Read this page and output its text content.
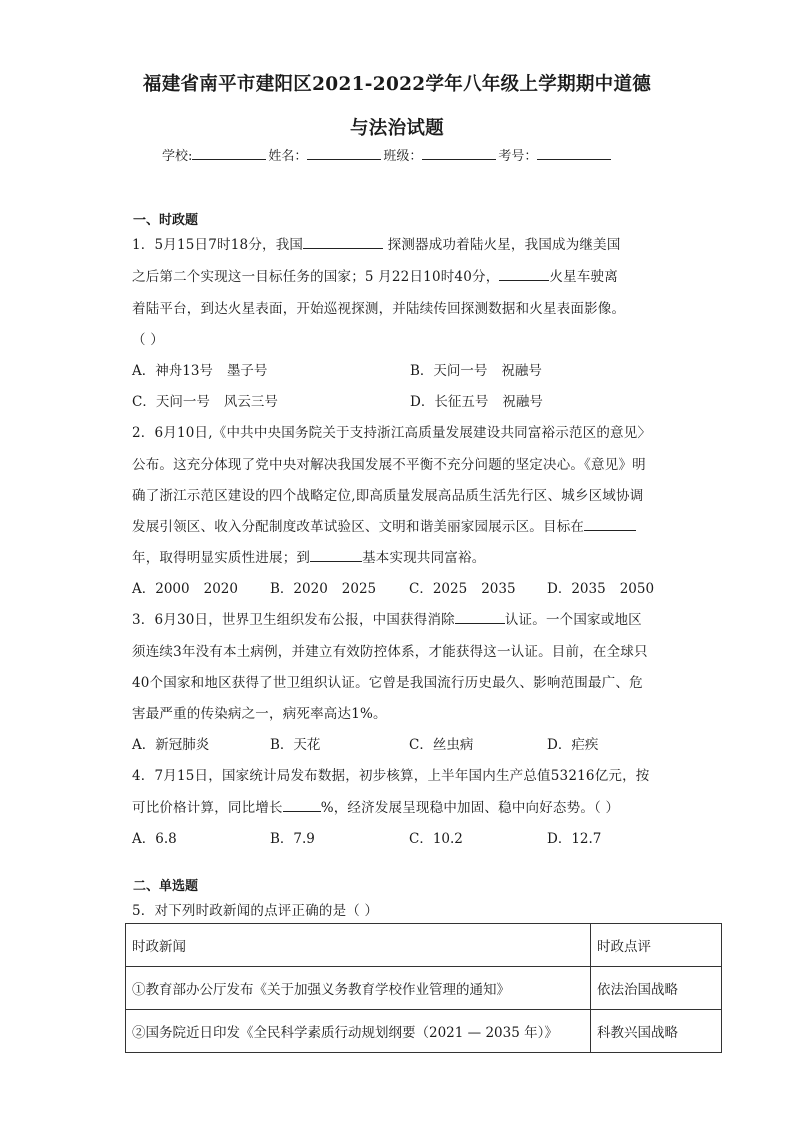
福建省南平市建阳区2021-2022学年八年级上学期期中道德
与法治试题
学校:	姓名：	班级：	考号：
一、时政题
1．5月15日7时18分，我国	探测器成功着陆火星，我国成为继美国
之后第二个实现这一目标任务的国家；5 月22日10时40分，	火星车驶离
着陆平台，到达火星表面，开始巡视探测，并陆续传回探测数据和火星表面影像。
（ ）
A．神舟13号 墨子号	B．天问一号 祝融号
C．天问一号 风云三号	D．长征五号 祝融号
2．6月10日,《中共中央国务院关于支持浙江高质量发展建设共同富裕示范区的意见〉
公布。这充分体现了党中央对解决我国发展不平衡不充分问题的坚定决心。《意见》明
确了浙江示范区建设的四个战略定位,即高质量发展高品质生活先行区、城乡区域协调
发展引领区、收入分配制度改革试验区、文明和谐美丽家园展示区。目标在
年，取得明显实质性进展；到	基本实现共同富裕。
A．2000 2020 B．2020 2025 C．2025 2035 D．2035 2050
3．6月30日，世界卫生组织发布公报，中国获得消除	认证。一个国家或地区
须连续3年没有本土病例，并建立有效防控体系，才能获得这一认证。目前，在全球只
40个国家和地区获得了世卫组织认证。它曾是我国流行历史最久、影响范围最广、危
害最严重的传染病之一，病死率高达1%。
A．新冠肺炎	B．天花	C．丝虫病	D．疟疾
4．7月15日，国家统计局发布数据，初步核算，上半年国内生产总值53216亿元，按
可比价格计算，同比增长	%，经济发展呈现稳中加固、稳中向好态势。（ ）
A．6.8	B．7.9	C．10.2	D．12.7
二、单选题
5．对下列时政新闻的点评正确的是（ ）
时政新闻	时政点评
①教育部办公厅发布《关于加强义务教育学校作业管理的通知》	依法治国战略
②国务院近日印发《全民科学素质行动规划纲要（2021 — 2035 年）》	科教兴国战略
